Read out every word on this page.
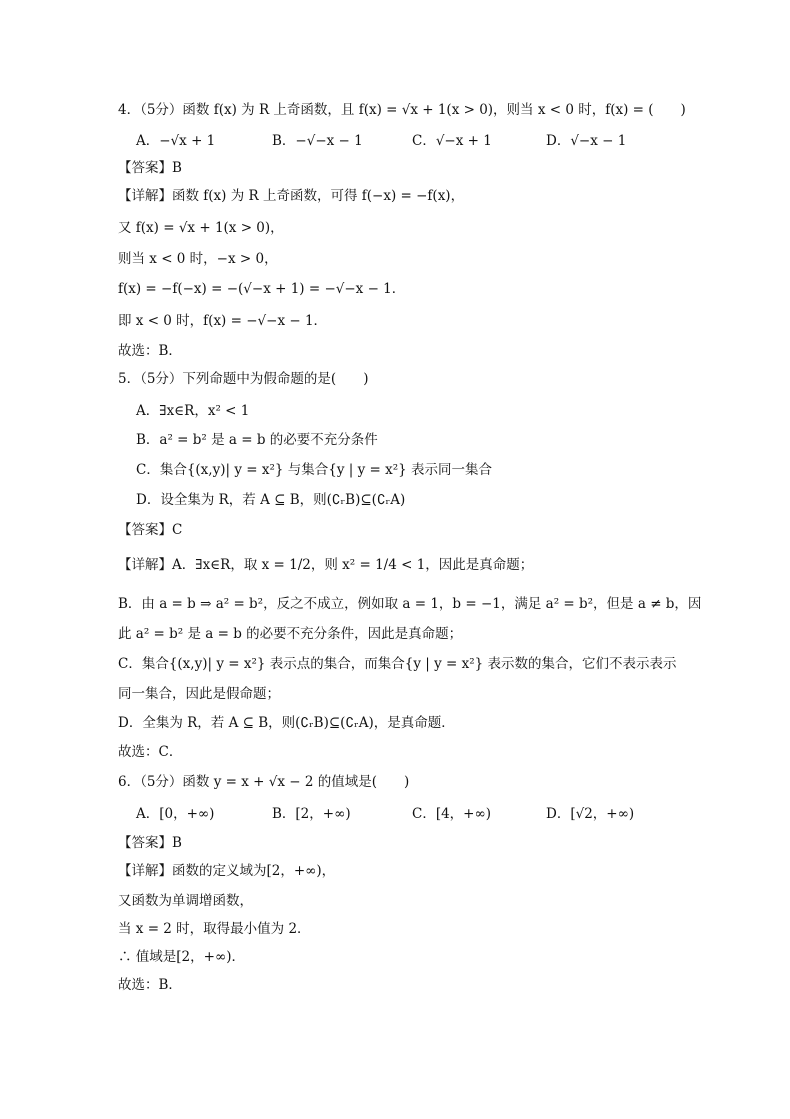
4．（5分）函数 f(x) 为 R 上奇函数，且 f(x) = √x + 1(x > 0)，则当 x < 0 时，f(x) = (　　)
A．−√x + 1	B．−√−x − 1	C．√−x + 1	D．√−x − 1
【答案】B
【详解】函数 f(x) 为 R 上奇函数，可得 f(−x) = −f(x)，
又 f(x) = √x + 1(x > 0)，
则当 x < 0 时，−x > 0，
f(x) = −f(−x) = −(√−x + 1) = −√−x − 1．
即 x < 0 时，f(x) = −√−x − 1．
故选：B．
5．（5分）下列命题中为假命题的是(　　)
A．∃x∈R，x² < 1
B．a² = b² 是 a = b 的必要不充分条件
C．集合{(x,y)| y = x²} 与集合{y | y = x²} 表示同一集合
D．设全集为 R，若 A ⊆ B，则(∁ᵣB)⊆(∁ᵣA)
【答案】C
【详解】A．∃x∈R，取 x = 1/2，则 x² = 1/4 < 1，因此是真命题；
B．由 a = b ⇒ a² = b²，反之不成立，例如取 a = 1，b = −1，满足 a² = b²，但是 a ≠ b，因
此 a² = b² 是 a = b 的必要不充分条件，因此是真命题；
C．集合{(x,y)| y = x²} 表示点的集合，而集合{y | y = x²} 表示数的集合，它们不表示表示
同一集合，因此是假命题；
D．全集为 R，若 A ⊆ B，则(∁ᵣB)⊆(∁ᵣA)，是真命题．
故选：C．
6．（5分）函数 y = x + √x − 2 的值域是(　　)
A．[0，+∞)	B．[2，+∞)	C．[4，+∞)	D．[√2，+∞)
【答案】B
【详解】函数的定义域为[2，+∞)，
又函数为单调增函数，
当 x = 2 时，取得最小值为 2．
∴ 值域是[2，+∞)．
故选：B．
